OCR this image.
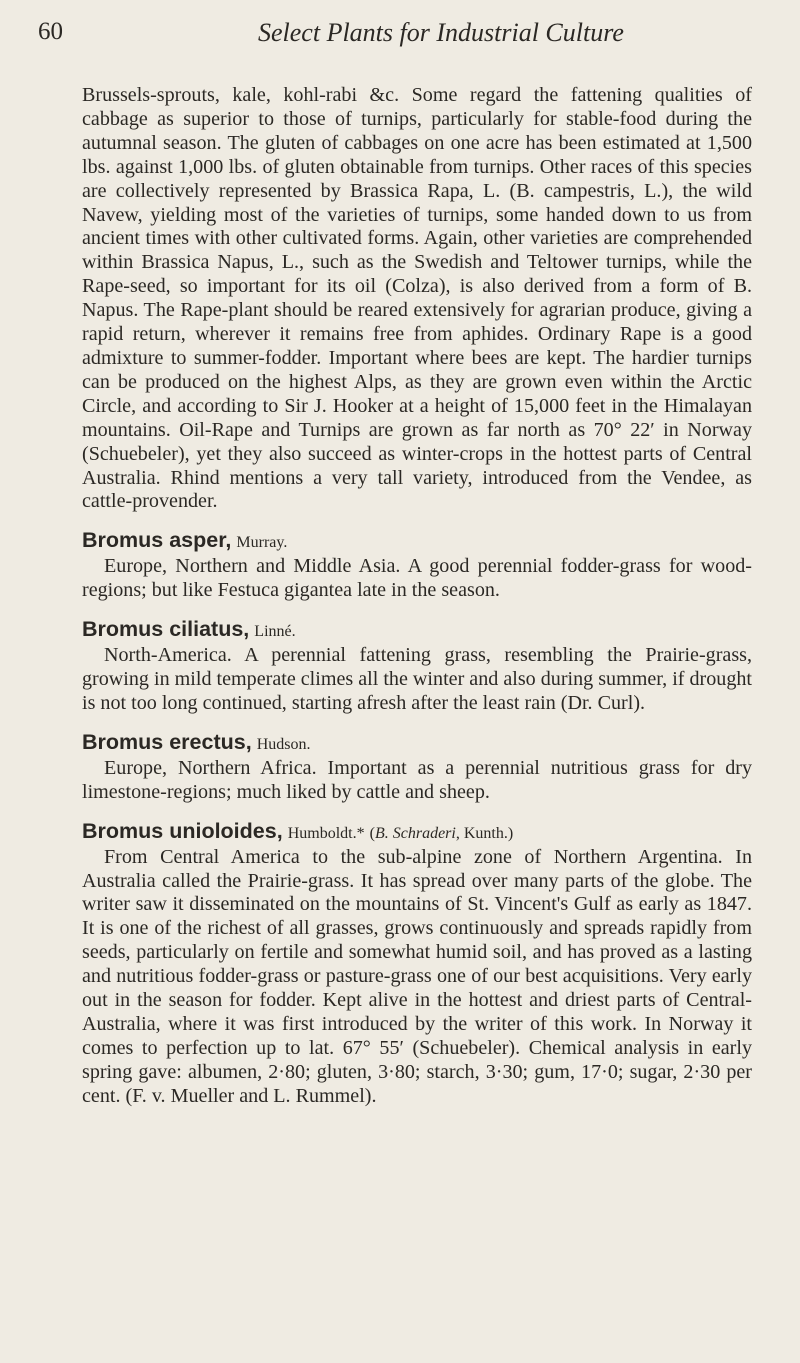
60	Select Plants for Industrial Culture

Brussels-sprouts, kale, kohl-rabi &c. Some regard the fattening qualities of cabbage as superior to those of turnips, particularly for stable-food during the autumnal season. The gluten of cabbages on one acre has been estimated at 1,500 lbs. against 1,000 lbs. of gluten obtainable from turnips. Other races of this species are collectively represented by Brassica Rapa, L. (B. campestris, L.), the wild Navew, yielding most of the varieties of turnips, some handed down to us from ancient times with other cultivated forms. Again, other varieties are comprehended within Brassica Napus, L., such as the Swedish and Teltower turnips, while the Rape-seed, so important for its oil (Colza), is also derived from a form of B. Napus. The Rape-plant should be reared extensively for agrarian produce, giving a rapid return, wherever it remains free from aphides. Ordinary Rape is a good admixture to summer-fodder. Important where bees are kept. The hardier turnips can be produced on the highest Alps, as they are grown even within the Arctic Circle, and according to Sir J. Hooker at a height of 15,000 feet in the Himalayan mountains. Oil-Rape and Turnips are grown as far north as 70° 22′ in Norway (Schuebeler), yet they also succeed as winter-crops in the hottest parts of Central Australia. Rhind mentions a very tall variety, introduced from the Vendee, as cattle-provender.

Bromus asper, Murray.

Europe, Northern and Middle Asia. A good perennial fodder-grass for wood-regions; but like Festuca gigantea late in the season.

Bromus ciliatus, Linné.

North-America. A perennial fattening grass, resembling the Prairie-grass, growing in mild temperate climes all the winter and also during summer, if drought is not too long continued, starting afresh after the least rain (Dr. Curl).

Bromus erectus, Hudson.

Europe, Northern Africa. Important as a perennial nutritious grass for dry limestone-regions; much liked by cattle and sheep.

Bromus unioloides, Humboldt.* (B. Schraderi, Kunth.)

From Central America to the sub-alpine zone of Northern Argentina. In Australia called the Prairie-grass. It has spread over many parts of the globe. The writer saw it disseminated on the mountains of St. Vincent's Gulf as early as 1847. It is one of the richest of all grasses, grows continuously and spreads rapidly from seeds, particularly on fertile and somewhat humid soil, and has proved as a lasting and nutritious fodder-grass or pasture-grass one of our best acquisitions. Very early out in the season for fodder. Kept alive in the hottest and driest parts of Central-Australia, where it was first introduced by the writer of this work. In Norway it comes to perfection up to lat. 67° 55′ (Schuebeler). Chemical analysis in early spring gave: albumen, 2·80; gluten, 3·80; starch, 3·30; gum, 17·0; sugar, 2·30 per cent. (F. v. Mueller and L. Rummel).
